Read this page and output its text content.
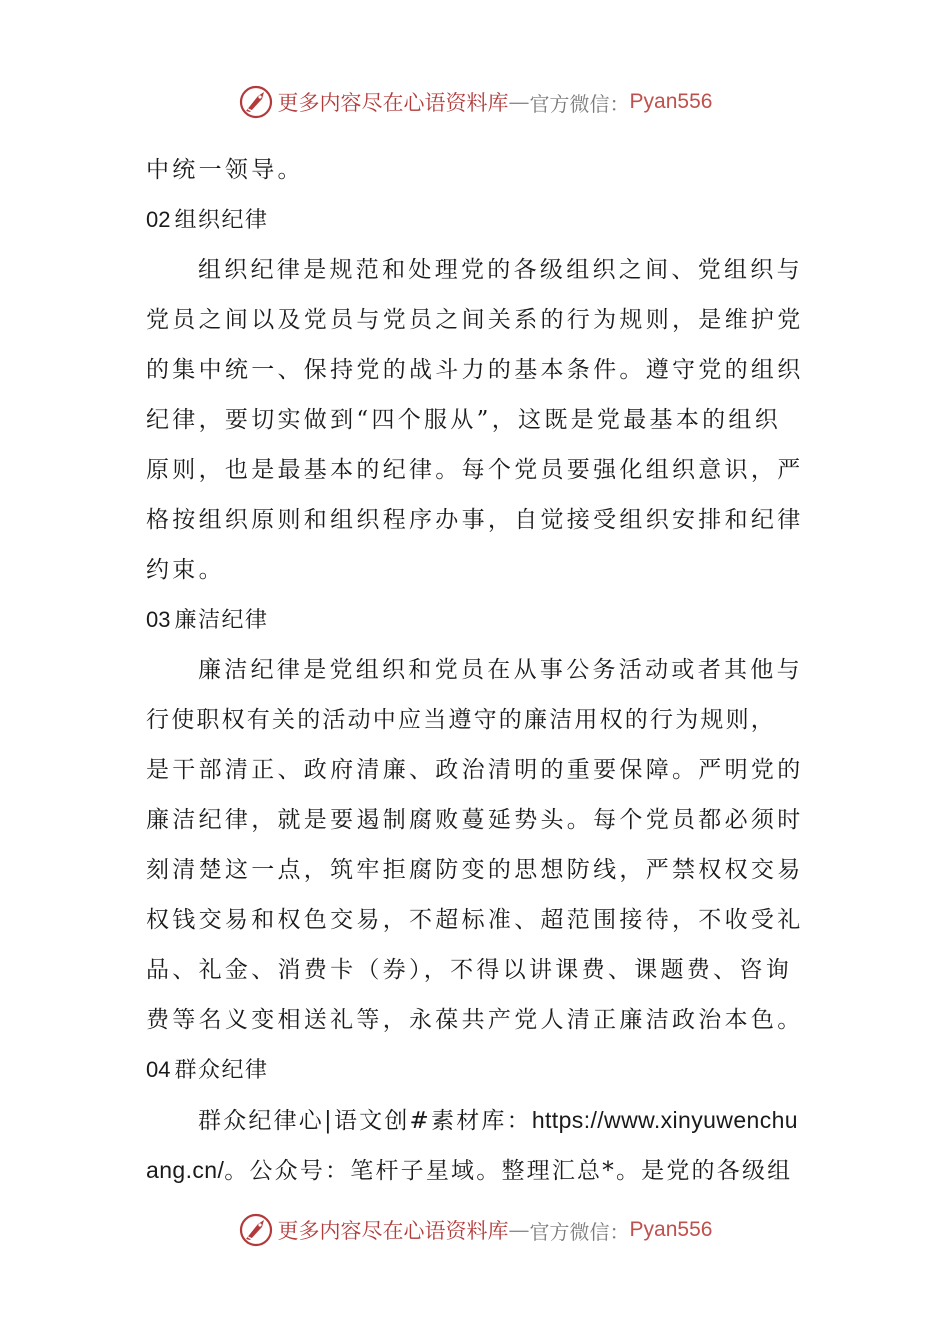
更多内容尽在心语资料库 — 官方微信： Pyan556
中统一领导。
02 组织纪律
组织纪律是规范和处理党的各级组织之间、党组织与
党员之间以及党员与党员之间关系的行为规则，是维护党
的集中统一、保持党的战斗力的基本条件。遵守党的组织
纪律，要切实做到“四个服从”，这既是党最基本的组织
原则，也是最基本的纪律。每个党员要强化组织意识，严
格按组织原则和组织程序办事，自觉接受组织安排和纪律
约束。
03 廉洁纪律
廉洁纪律是党组织和党员在从事公务活动或者其他与
行使职权有关的活动中应当遵守的廉洁用权的行为规则，
是干部清正、政府清廉、政治清明的重要保障。严明党的
廉洁纪律，就是要遏制腐败蔓延势头。每个党员都必须时
刻清楚这一点，筑牢拒腐防变的思想防线，严禁权权交易
权钱交易和权色交易，不超标准、超范围接待，不收受礼
品、礼金、消费卡（券），不得以讲课费、课题费、咨询
费等名义变相送礼等，永葆共产党人清正廉洁政治本色。
04 群众纪律
群众纪律心|语文创#素材库：https://www.xinyuwenchu
ang.cn/。公众号：笔杆子星域。整理汇总*。是党的各级组
更多内容尽在心语资料库 — 官方微信： Pyan556
